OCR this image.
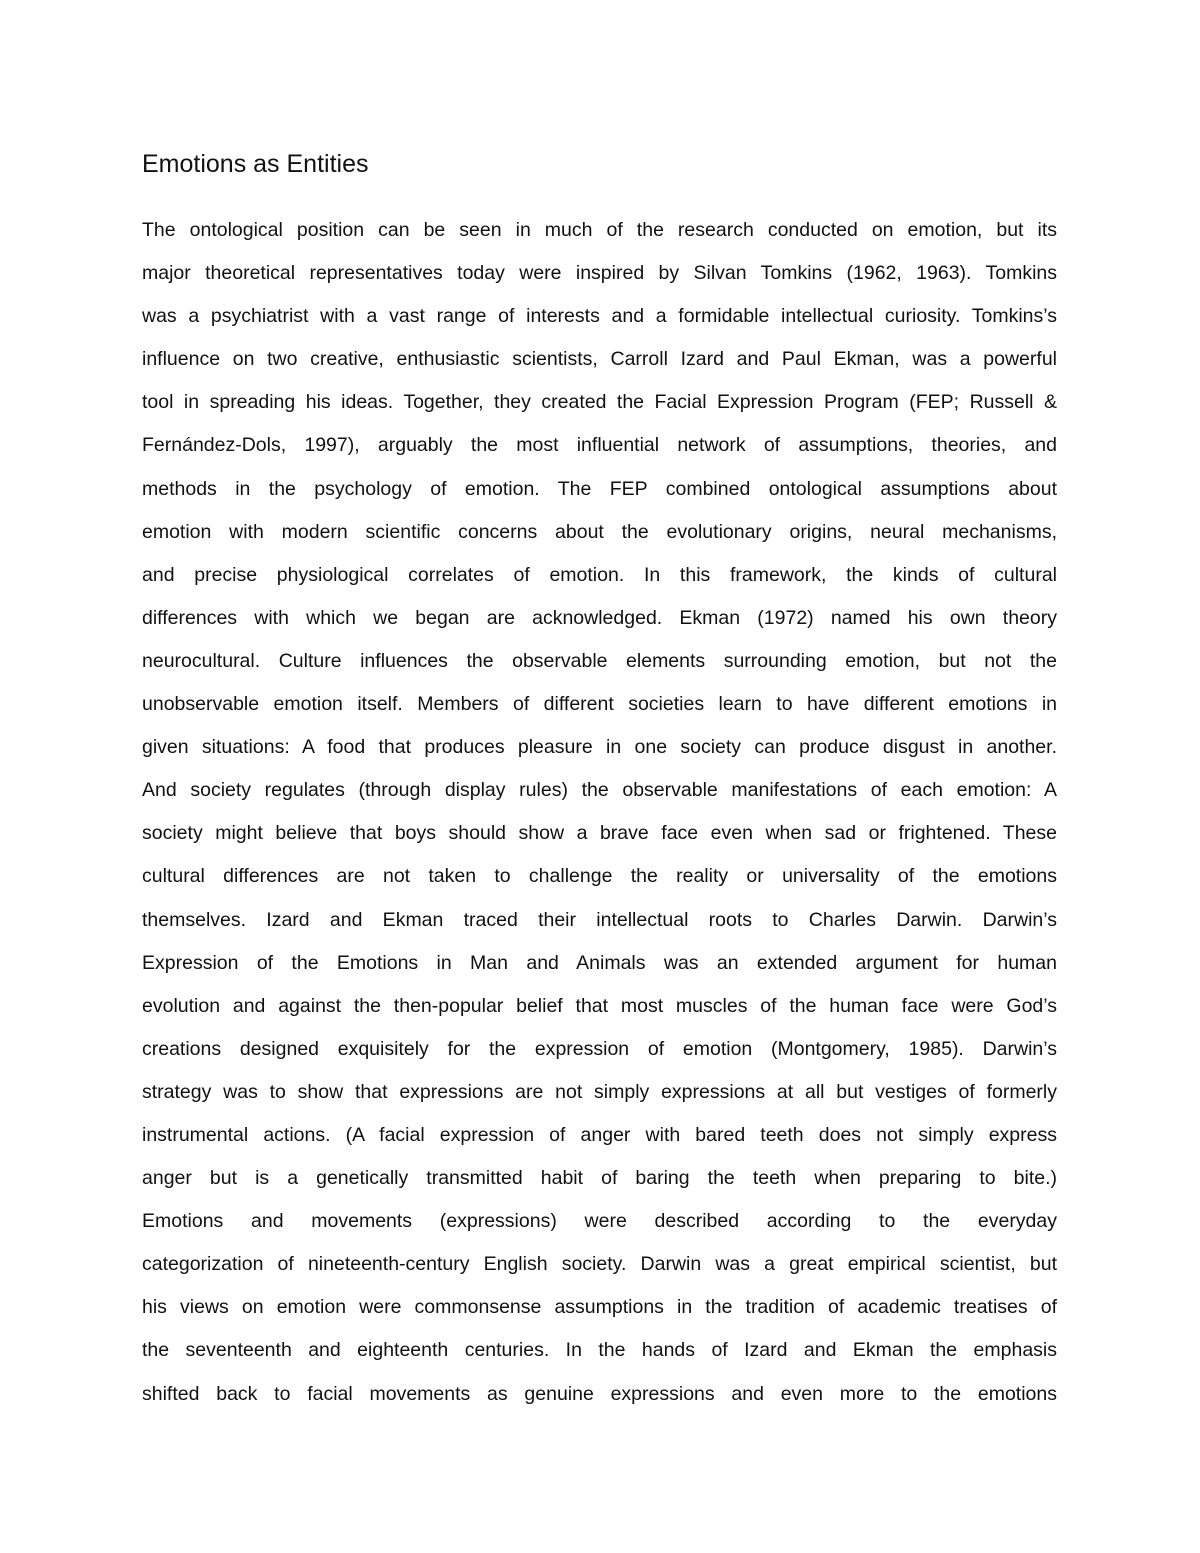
Emotions as Entities
The ontological position can be seen in much of the research conducted on emotion, but its
major theoretical representatives today were inspired by Silvan Tomkins (1962, 1963). Tomkins
was a psychiatrist with a vast range of interests and a formidable intellectual curiosity. Tomkins’s
influence on two creative, enthusiastic scientists, Carroll Izard and Paul Ekman, was a powerful
tool in spreading his ideas. Together, they created the Facial Expression Program (FEP; Russell &
Fernández-Dols, 1997), arguably the most influential network of assumptions, theories, and
methods in the psychology of emotion. The FEP combined ontological assumptions about
emotion with modern scientific concerns about the evolutionary origins, neural mechanisms,
and precise physiological correlates of emotion. In this framework, the kinds of cultural
differences with which we began are acknowledged. Ekman (1972) named his own theory
neurocultural. Culture influences the observable elements surrounding emotion, but not the
unobservable emotion itself. Members of different societies learn to have different emotions in
given situations: A food that produces pleasure in one society can produce disgust in another.
And society regulates (through display rules) the observable manifestations of each emotion: A
society might believe that boys should show a brave face even when sad or frightened. These
cultural differences are not taken to challenge the reality or universality of the emotions
themselves. Izard and Ekman traced their intellectual roots to Charles Darwin. Darwin’s
Expression of the Emotions in Man and Animals was an extended argument for human
evolution and against the then-popular belief that most muscles of the human face were God’s
creations designed exquisitely for the expression of emotion (Montgomery, 1985). Darwin’s
strategy was to show that expressions are not simply expressions at all but vestiges of formerly
instrumental actions. (A facial expression of anger with bared teeth does not simply express
anger but is a genetically transmitted habit of baring the teeth when preparing to bite.)
Emotions and movements (expressions) were described according to the everyday
categorization of nineteenth-century English society. Darwin was a great empirical scientist, but
his views on emotion were commonsense assumptions in the tradition of academic treatises of
the seventeenth and eighteenth centuries. In the hands of Izard and Ekman the emphasis
shifted back to facial movements as genuine expressions and even more to the emotions
